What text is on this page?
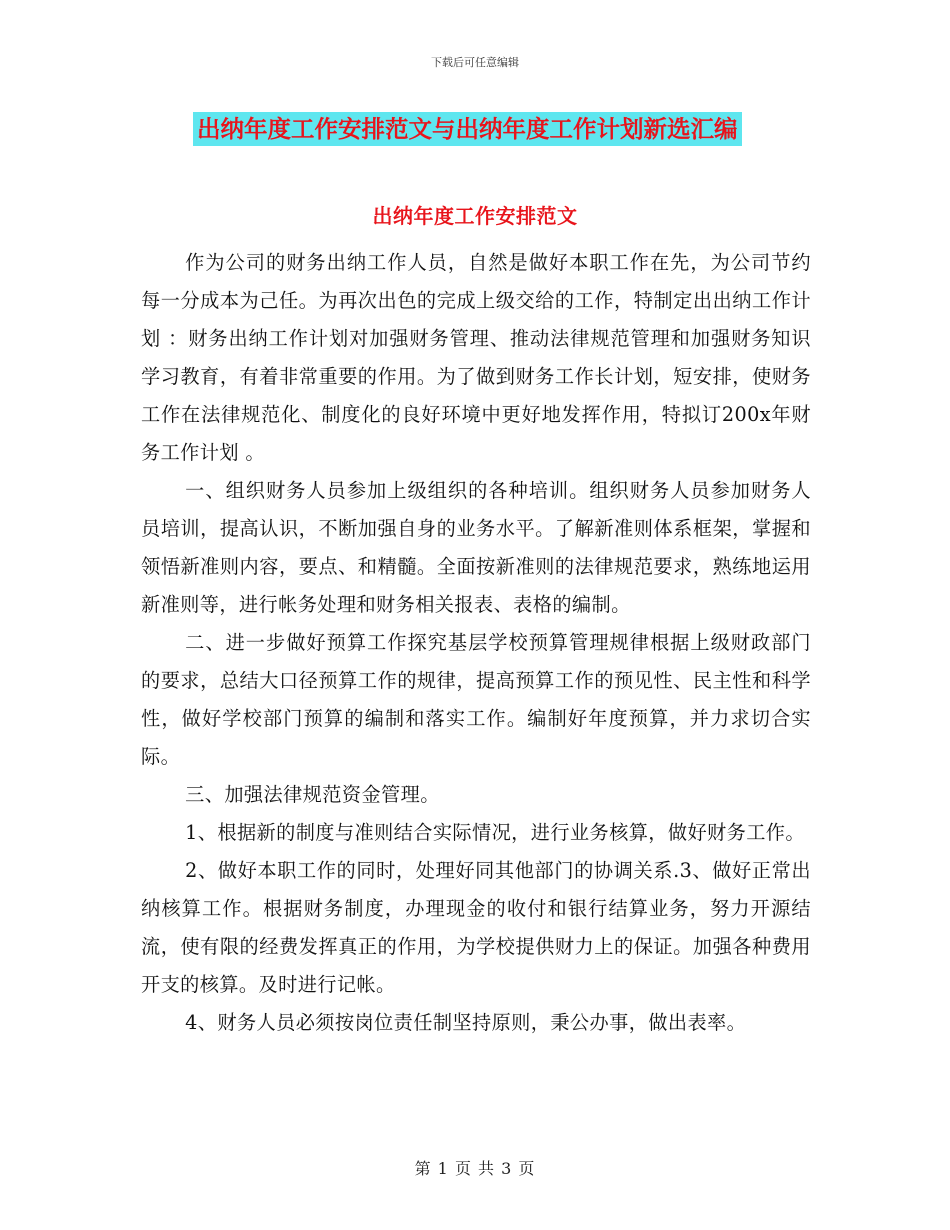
下载后可任意编辑
出纳年度工作安排范文与出纳年度工作计划新选汇编
出纳年度工作安排范文

作为公司的财务出纳工作人员，自然是做好本职工作在先，为公司节约每一分成本为己任。为再次出色的完成上级交给的工作，特制定出出纳工作计划 ：财务出纳工作计划对加强财务管理、推动法律规范管理和加强财务知识学习教育，有着非常重要的作用。为了做到财务工作长计划，短安排，使财务工作在法律规范化、制度化的良好环境中更好地发挥作用，特拟订200x年财务工作计划 。

一、组织财务人员参加上级组织的各种培训。组织财务人员参加财务人员培训，提高认识，不断加强自身的业务水平。了解新准则体系框架，掌握和领悟新准则内容，要点、和精髓。全面按新准则的法律规范要求，熟练地运用新准则等，进行帐务处理和财务相关报表、表格的编制。

二、进一步做好预算工作探究基层学校预算管理规律根据上级财政部门的要求，总结大口径预算工作的规律，提高预算工作的预见性、民主性和科学性，做好学校部门预算的编制和落实工作。编制好年度预算，并力求切合实际。

三、加强法律规范资金管理。

1、根据新的制度与准则结合实际情况，进行业务核算，做好财务工作。

2、做好本职工作的同时，处理好同其他部门的协调关系.3、做好正常出纳核算工作。根据财务制度，办理现金的收付和银行结算业务，努力开源结流，使有限的经费发挥真正的作用，为学校提供财力上的保证。加强各种费用开支的核算。及时进行记帐。

4、财务人员必须按岗位责任制坚持原则，秉公办事，做出表率。

第 1 页 共 3 页
